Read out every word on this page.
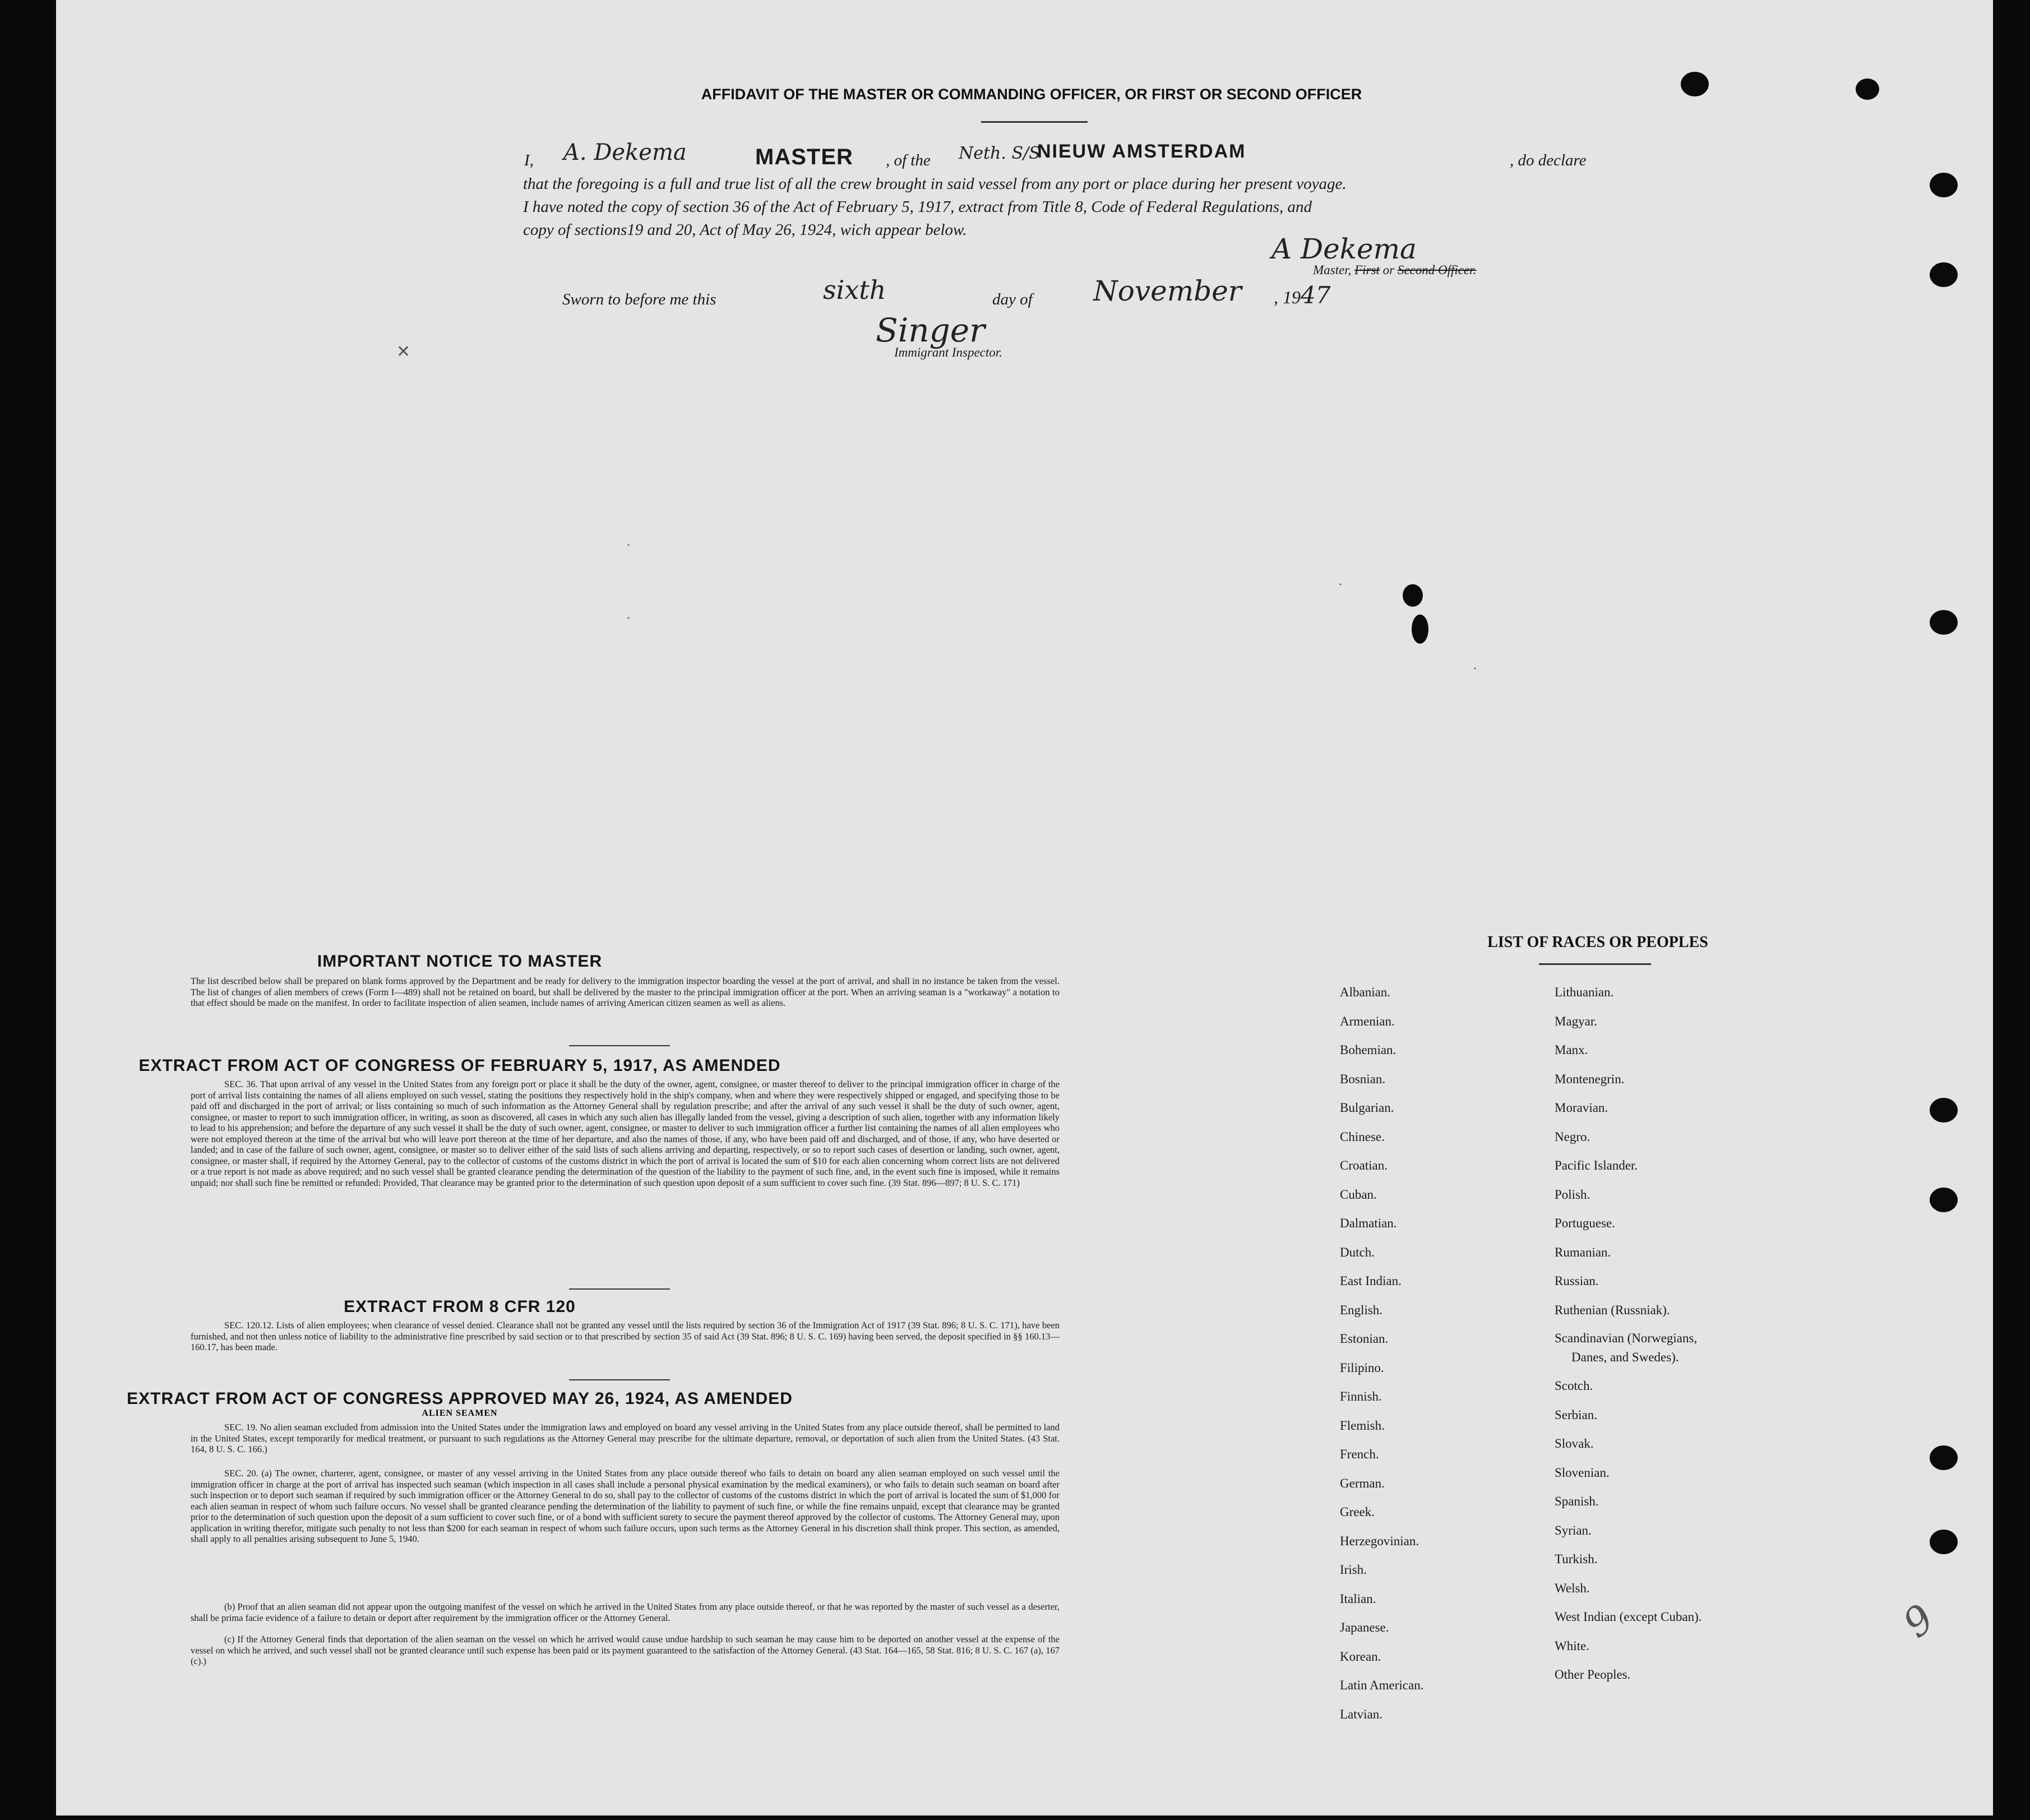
✕
·
·
·
·
AFFIDAVIT OF THE MASTER OR COMMANDING OFFICER, OR FIRST OR SECOND OFFICER
I, A. Dekema	MASTER , of the Neth. S/S
NIEUW AMSTERDAM	, do declare
that the foregoing is a full and true list of all the crew brought in said vessel from any port or place during her present voyage.
I have noted the copy of section 36 of the Act of February 5, 1917, extract from Title 8, Code of Federal Regulations, and
copy of sections19 and 20, Act of May 26, 1924, wich appear below.
A Dekema
Master, First or Second Officer.
Sworn to before me this	sixth	day of November , 1947
Singer
Immigrant Inspector.
IMPORTANT NOTICE TO MASTER
The list described below shall be prepared on blank forms approved by the Department and be ready for delivery to the immigration inspector boarding the vessel at the port of arrival, and shall in no instance be taken from the vessel. The list of changes of alien members of crews (Form I—489) shall not be retained on board, but shall be delivered by the master to the principal immigration officer at the port. When an arriving seaman is a "workaway" a notation to that effect should be made on the manifest. In order to facilitate inspection of alien seamen, include names of arriving American citizen seamen as well as aliens.
EXTRACT FROM ACT OF CONGRESS OF FEBRUARY 5, 1917, AS AMENDED
SEC. 36. That upon arrival of any vessel in the United States from any foreign port or place it shall be the duty of the owner, agent, consignee, or master thereof to deliver to the principal immigration officer in charge of the port of arrival lists containing the names of all aliens employed on such vessel, stating the positions they respectively hold in the ship's company, when and where they were respectively shipped or engaged, and specifying those to be paid off and discharged in the port of arrival; or lists containing so much of such information as the Attorney General shall by regulation prescribe; and after the arrival of any such vessel it shall be the duty of such owner, agent, consignee, or master to report to such immigration officer, in writing, as soon as discovered, all cases in which any such alien has illegally landed from the vessel, giving a description of such alien, together with any information likely to lead to his apprehension; and before the departure of any such vessel it shall be the duty of such owner, agent, consignee, or master to deliver to such immigration officer a further list containing the names of all alien employees who were not employed thereon at the time of the arrival but who will leave port thereon at the time of her departure, and also the names of those, if any, who have been paid off and discharged, and of those, if any, who have deserted or landed; and in case of the failure of such owner, agent, consignee, or master so to deliver either of the said lists of such aliens arriving and departing, respectively, or so to report such cases of desertion or landing, such owner, agent, consignee, or master shall, if required by the Attorney General, pay to the collector of customs of the customs district in which the port of arrival is located the sum of $10 for each alien concerning whom correct lists are not delivered or a true report is not made as above required; and no such vessel shall be granted clearance pending the determination of the question of the liability to the payment of such fine, and, in the event such fine is imposed, while it remains unpaid; nor shall such fine be remitted or refunded: Provided, That clearance may be granted prior to the determination of such question upon deposit of a sum sufficient to cover such fine. (39 Stat. 896—897; 8 U. S. C. 171)
EXTRACT FROM 8 CFR 120
SEC. 120.12. Lists of alien employees; when clearance of vessel denied. Clearance shall not be granted any vessel until the lists required by section 36 of the Immigration Act of 1917 (39 Stat. 896; 8 U. S. C. 171), have been furnished, and not then unless notice of liability to the administrative fine prescribed by said section or to that prescribed by section 35 of said Act (39 Stat. 896; 8 U. S. C. 169) having been served, the deposit specified in §§ 160.13—160.17, has been made.
EXTRACT FROM ACT OF CONGRESS APPROVED MAY 26, 1924, AS AMENDED
ALIEN SEAMEN
SEC. 19. No alien seaman excluded from admission into the United States under the immigration laws and employed on board any vessel arriving in the United States from any place outside thereof, shall be permitted to land in the United States, except temporarily for medical treatment, or pursuant to such regulations as the Attorney General may prescribe for the ultimate departure, removal, or deportation of such alien from the United States. (43 Stat. 164, 8 U. S. C. 166.)
SEC. 20. (a) The owner, charterer, agent, consignee, or master of any vessel arriving in the United States from any place outside thereof who fails to detain on board any alien seaman employed on such vessel until the immigration officer in charge at the port of arrival has inspected such seaman (which inspection in all cases shall include a personal physical examination by the medical examiners), or who fails to detain such seaman on board after such inspection or to deport such seaman if required by such immigration officer or the Attorney General to do so, shall pay to the collector of customs of the customs district in which the port of arrival is located the sum of $1,000 for each alien seaman in respect of whom such failure occurs. No vessel shall be granted clearance pending the determination of the liability to payment of such fine, or while the fine remains unpaid, except that clearance may be granted prior to the determination of such question upon the deposit of a sum sufficient to cover such fine, or of a bond with sufficient surety to secure the payment thereof approved by the collector of customs. The Attorney General may, upon application in writing therefor, mitigate such penalty to not less than $200 for each seaman in respect of whom such failure occurs, upon such terms as the Attorney General in his discretion shall think proper. This section, as amended, shall apply to all penalties arising subsequent to June 5, 1940.
(b) Proof that an alien seaman did not appear upon the outgoing manifest of the vessel on which he arrived in the United States from any place outside thereof, or that he was reported by the master of such vessel as a deserter, shall be prima facie evidence of a failure to detain or deport after requirement by the immigration officer or the Attorney General.
(c) If the Attorney General finds that deportation of the alien seaman on the vessel on which he arrived would cause undue hardship to such seaman he may cause him to be deported on another vessel at the expense of the vessel on which he arrived, and such vessel shall not be granted clearance until such expense has been paid or its payment guaranteed to the satisfaction of the Attorney General. (43 Stat. 164—165, 58 Stat. 816; 8 U. S. C. 167 (a), 167 (c).)
LIST OF RACES OR PEOPLES
Albanian.
Armenian.
Bohemian.
Bosnian.
Bulgarian.
Chinese.
Croatian.
Cuban.
Dalmatian.
Dutch.
East Indian.
English.
Estonian.
Filipino.
Finnish.
Flemish.
French.
German.
Greek.
Herzegovinian.
Irish.
Italian.
Japanese.
Korean.
Latin American.
Latvian.
Lithuanian.
Magyar.
Manx.
Montenegrin.
Moravian.
Negro.
Pacific Islander.
Polish.
Portuguese.
Rumanian.
Russian.
Ruthenian (Russniak).
Scandinavian (Norwegians,
Danes, and Swedes).
Scotch.
Serbian.
Slovak.
Slovenian.
Spanish.
Syrian.
Turkish.
Welsh.
West Indian (except Cuban).
White.
Other Peoples.
9
